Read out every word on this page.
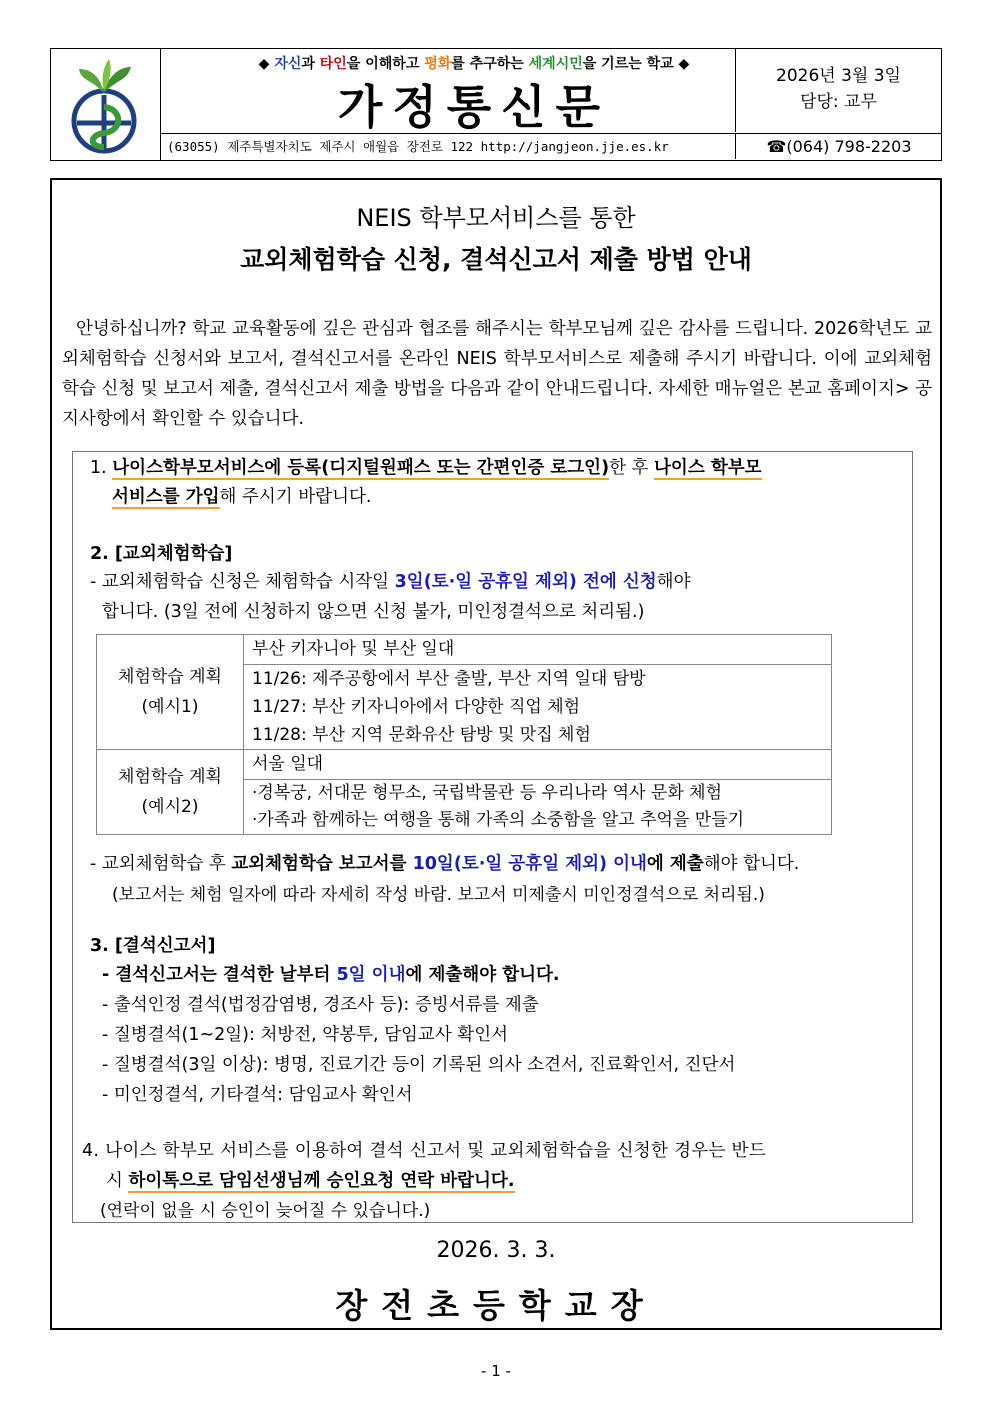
◆ 자신과 타인을 이해하고 평화를 추구하는 세계시민을 기르는 학교 ◆
가정통신문
2026년 3월 3일
담당: 교무
(63055) 제주특별자치도 제주시 애월읍 장전로 122 http://jangjeon.jje.es.kr	☎(064) 798-2203
NEIS 학부모서비스를 통한
교외체험학습 신청, 결석신고서 제출 방법 안내
안녕하십니까? 학교 교육활동에 깊은 관심과 협조를 해주시는 학부모님께 깊은 감사를 드립니다. 2026학년도 교외체험학습 신청서와 보고서, 결석신고서를 온라인 NEIS 학부모서비스로 제출해 주시기 바랍니다. 이에 교외체험학습 신청 및 보고서 제출, 결석신고서 제출 방법을 다음과 같이 안내드립니다. 자세한 매뉴얼은 본교 홈페이지> 공지사항에서 확인할 수 있습니다.
1. 나이스학부모서비스에 등록(디지털원패스 또는 간편인증 로그인)한 후 나이스 학부모
서비스를 가입해 주시기 바랍니다.
2. [교외체험학습]
- 교외체험학습 신청은 체험학습 시작일 3일(토·일 공휴일 제외) 전에 신청해야
합니다. (3일 전에 신청하지 않으면 신청 불가, 미인정결석으로 처리됨.)
체험학습 계획
(예시1)	부산 키자니아 및 부산 일대

	11/26: 제주공항에서 부산 출발, 부산 지역 일대 탐방
11/27: 부산 키자니아에서 다양한 직업 체험
11/28: 부산 지역 문화유산 탐방 및 맛집 체험

체험학습 계획
(예시2)	서울 일대

	·경복궁, 서대문 형무소, 국립박물관 등 우리나라 역사 문화 체험
·가족과 함께하는 여행을 통해 가족의 소중함을 알고 추억을 만들기
- 교외체험학습 후 교외체험학습 보고서를 10일(토·일 공휴일 제외) 이내에 제출해야 합니다.
(보고서는 체험 일자에 따라 자세히 작성 바람. 보고서 미제출시 미인정결석으로 처리됨.)
3. [결석신고서]
- 결석신고서는 결석한 날부터 5일 이내에 제출해야 합니다.
- 출석인정 결석(법정감염병, 경조사 등): 증빙서류를 제출
- 질병결석(1~2일): 처방전, 약봉투, 담임교사 확인서
- 질병결석(3일 이상): 병명, 진료기간 등이 기록된 의사 소견서, 진료확인서, 진단서
- 미인정결석, 기타결석: 담임교사 확인서
4. 나이스 학부모 서비스를 이용하여 결석 신고서 및 교외체험학습을 신청한 경우는 반드
시 하이톡으로 담임선생님께 승인요청 연락 바랍니다.
(연락이 없을 시 승인이 늦어질 수 있습니다.)
2026. 3. 3.
장전초등학교장
- 1 -
